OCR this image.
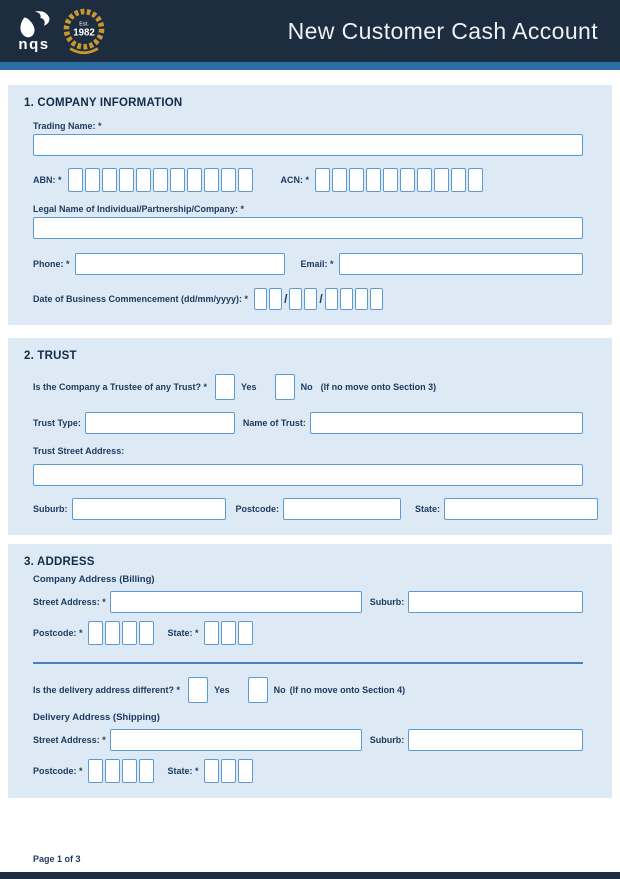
nqs
Est.
1982	New Customer Cash Account
1. COMPANY INFORMATION
Trading Name: *
ABN: *	ACN: *
Legal Name of Individual/Partnership/Company: *
Phone: *	Email: *
Date of Business Commencement (dd/mm/yyyy): *	/	/
2. TRUST
Is the Company a Trustee of any Trust? *	Yes	No (If no move onto Section 3)
Trust Type:	Name of Trust:
Trust Street Address:
Suburb:	Postcode:	State:
3. ADDRESS
Company Address (Billing)
Street Address: *	Suburb:
Postcode: *	State: *
Is the delivery address different? *	Yes	No (If no move onto Section 4)
Delivery Address (Shipping)
Street Address: *	Suburb:
Postcode: *	State: *
Page 1 of 3
